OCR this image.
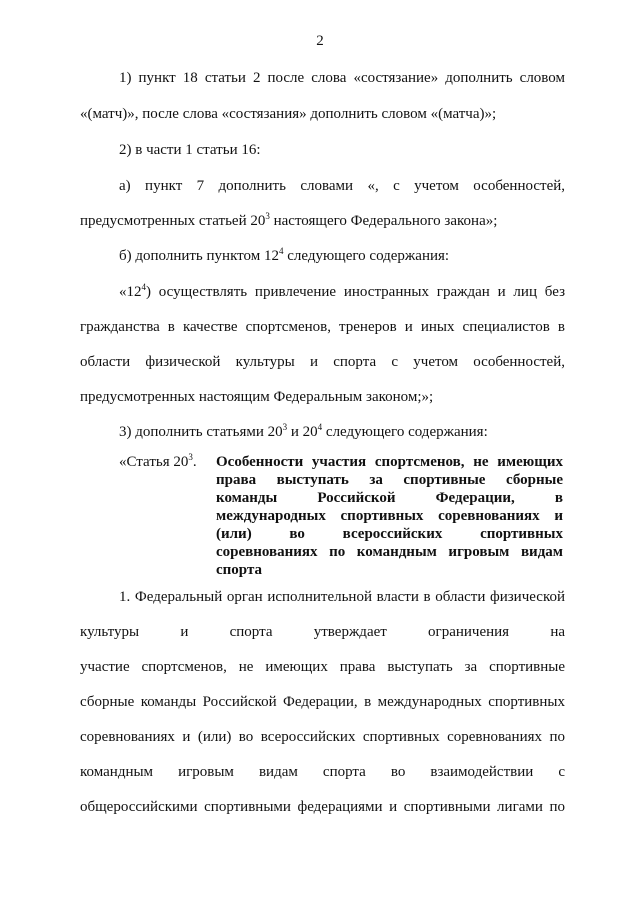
2
1) пункт 18 статьи 2 после слова «состязание» дополнить словом
«(матч)», после слова «состязания» дополнить словом «(матча)»;
2) в части 1 статьи 16:
а) пункт 7 дополнить словами «, с учетом особенностей,
предусмотренных статьей $20^3$ настоящего Федерального закона»;
б) дополнить пунктом $12^4$ следующего содержания:
«$12^4$) осуществлять привлечение иностранных граждан и лиц без
гражданства в качестве спортсменов, тренеров и иных специалистов в
области физической культуры и спорта с учетом особенностей,
предусмотренных настоящим Федеральным законом;»;
3) дополнить статьями $20^3$ и $20^4$ следующего содержания:
«Статья $20^3$. Особенности участия спортсменов, не имеющих
права выступать за спортивные сборные
команды Российской Федерации, в
международных спортивных соревнованиях и
(или) во всероссийских спортивных
соревнованиях по командным игровым видам
спорта
1. Федеральный орган исполнительной власти в области физической
культуры и спорта утверждает ограничения на
участие спортсменов, не имеющих права выступать за спортивные
сборные команды Российской Федерации, в международных спортивных
соревнованиях и (или) во всероссийских спортивных соревнованиях по
командным игровым видам спорта во взаимодействии с
общероссийскими спортивными федерациями и спортивными лигами по
